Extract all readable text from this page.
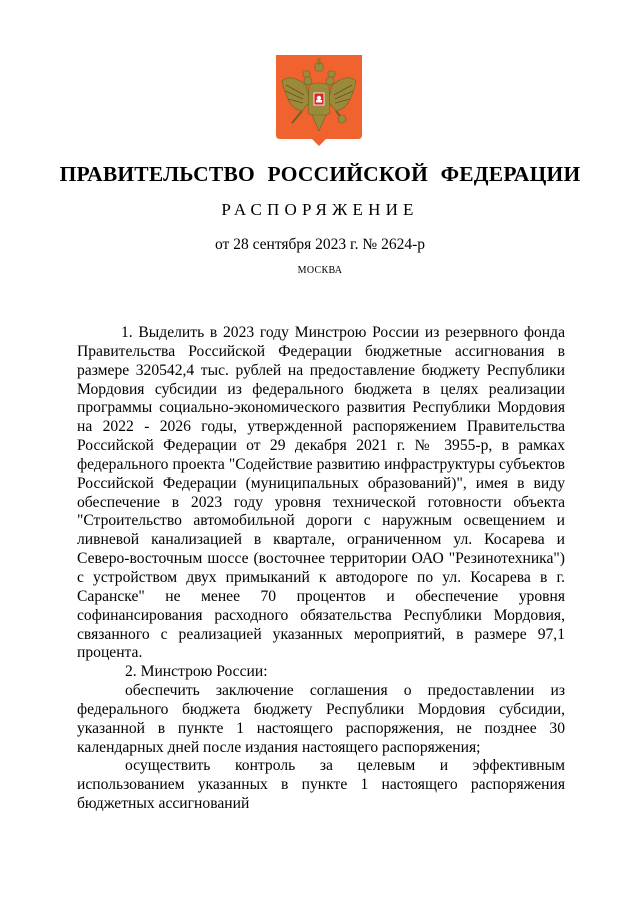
ПРАВИТЕЛЬСТВО РОССИЙСКОЙ ФЕДЕРАЦИИ
РАСПОРЯЖЕНИЕ
от 28 сентября 2023 г. № 2624-р
МОСКВА

1. Выделить в 2023 году Минстрою России из резервного фонда Правительства Российской Федерации бюджетные ассигнования в размере 320542,4 тыс. рублей на предоставление бюджету Республики Мордовия субсидии из федерального бюджета в целях реализации программы социально-экономического развития Республики Мордовия на 2022 - 2026 годы, утвержденной распоряжением Правительства Российской Федерации от 29 декабря 2021 г. № 3955-р, в рамках федерального проекта "Содействие развитию инфраструктуры субъектов Российской Федерации (муниципальных образований)", имея в виду обеспечение в 2023 году уровня технической готовности объекта "Строительство автомобильной дороги с наружным освещением и ливневой канализацией в квартале, ограниченном ул. Косарева и Северо-восточным шоссе (восточнее территории ОАО "Резинотехника") с устройством двух примыканий к автодороге по ул. Косарева в г. Саранске" не менее 70 процентов и обеспечение уровня софинансирования расходного обязательства Республики Мордовия, связанного с реализацией указанных мероприятий, в размере 97,1 процента.

2. Минстрою России:

обеспечить заключение соглашения о предоставлении из федерального бюджета бюджету Республики Мордовия субсидии, указанной в пункте 1 настоящего распоряжения, не позднее 30 календарных дней после издания настоящего распоряжения;

осуществить контроль за целевым и эффективным использованием указанных в пункте 1 настоящего распоряжения бюджетных ассигнований
